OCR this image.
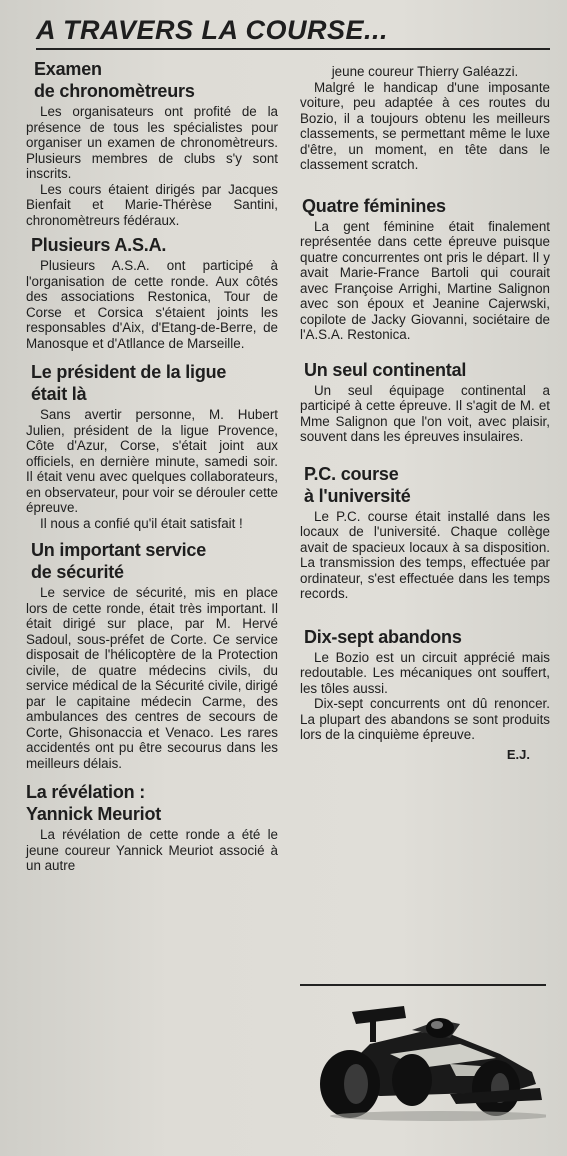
A TRAVERS LA COURSE...
Examen
de chronomètreurs

Les organisateurs ont profité de la présence de tous les spécialistes pour organiser un examen de chronomètreurs. Plusieurs membres de clubs s'y sont inscrits.

Les cours étaient dirigés par Jacques Bienfait et Marie-Thérèse Santini, chronomètreurs fédéraux.

Plusieurs A.S.A.

Plusieurs A.S.A. ont participé à l'organisation de cette ronde. Aux côtés des associations Restonica, Tour de Corse et Corsica s'étaient joints les responsables d'Aix, d'Etang-de-Berre, de Manosque et d'Atllance de Marseille.

Le président de la ligue
était là

Sans avertir personne, M. Hubert Julien, président de la ligue Provence, Côte d'Azur, Corse, s'était joint aux officiels, en dernière minute, samedi soir. Il était venu avec quelques collaborateurs, en observateur, pour voir se dérouler cette épreuve.

Il nous a confié qu'il était satisfait !

Un important service
de sécurité

Le service de sécurité, mis en place lors de cette ronde, était très important. Il était dirigé sur place, par M. Hervé Sadoul, sous-préfet de Corte. Ce service disposait de l'hélicoptère de la Protection civile, de quatre médecins civils, du service médical de la Sécurité civile, dirigé par le capitaine médecin Carme, des ambulances des centres de secours de Corte, Ghisonaccia et Venaco. Les rares accidentés ont pu être secourus dans les meilleurs délais.

La révélation :
Yannick Meuriot

La révélation de cette ronde a été le jeune coureur Yannick Meuriot associé à un autre

jeune coureur Thierry Galéazzi.

Malgré le handicap d'une imposante voiture, peu adaptée à ces routes du Bozio, il a toujours obtenu les meilleurs classements, se permettant même le luxe d'être, un moment, en tête dans le classement scratch.

Quatre féminines

La gent féminine était finalement représentée dans cette épreuve puisque quatre concurrentes ont pris le départ. Il y avait Marie-France Bartoli qui courait avec Françoise Arrighi, Martine Salignon avec son époux et Jeanine Cajerwski, copilote de Jacky Giovanni, sociétaire de l'A.S.A. Restonica.

Un seul continental

Un seul équipage continental a participé à cette épreuve. Il s'agit de M. et Mme Salignon que l'on voit, avec plaisir, souvent dans les épreuves insulaires.

P.C. course
à l'université

Le P.C. course était installé dans les locaux de l'université. Chaque collège avait de spacieux locaux à sa disposition. La transmission des temps, effectuée par ordinateur, s'est effectuée dans les temps records.

Dix-sept abandons

Le Bozio est un circuit apprécié mais redoutable. Les mécaniques ont souffert, les tôles aussi.

Dix-sept concurrents ont dû renoncer. La plupart des abandons se sont produits lors de la cinquième épreuve.

E.J.
